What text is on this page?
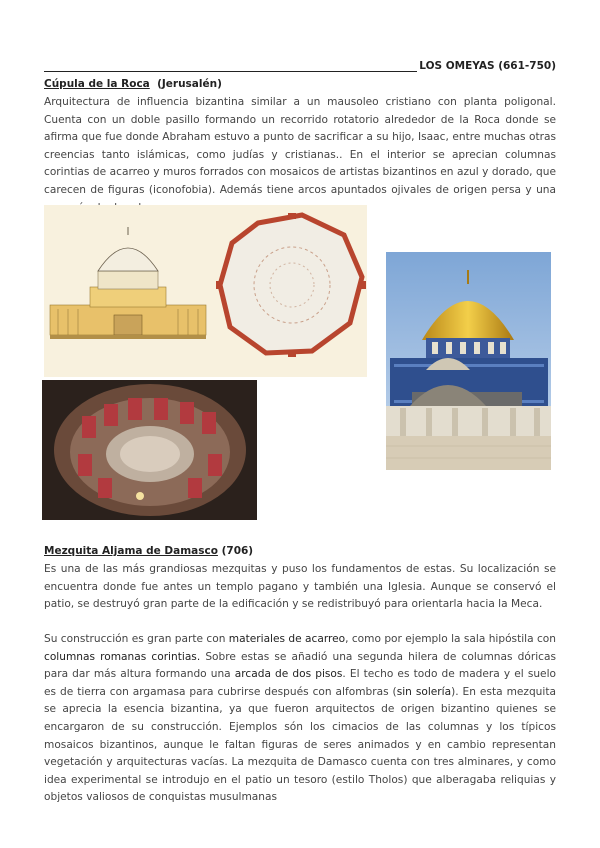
LOS OMEYAS (661-750)
Cúpula de la Roca (Jerusalén)
Arquitectura de influencia bizantina similar a un mausoleo cristiano con planta poligonal. Cuenta con un doble pasillo formando un recorrido rotatorio alrededor de la Roca donde se afirma que fue donde Abraham estuvo a punto de sacrificar a su hijo, Isaac, entre muchas otras creencias tanto islámicas, como judías y cristianas.. En el interior se aprecian columnas corintias de acarreo y muros forrados con mosaicos de artistas bizantinos en azul y dorado, que carecen de figuras (iconofobia). Además tiene arcos apuntados ojivales de origen persa y una
Mezquita Aljama de Damasco (706)
Es una de las más grandiosas mezquitas y puso los fundamentos de estas. Su localización se encuentra donde fue antes un templo pagano y también una Iglesia. Aunque se conservó el patio, se destruyó gran parte de la edificación y se redistribuyó para orientarla hacia la Meca.
Su construcción es gran parte con materiales de acarreo, como por ejemplo la sala hipóstila con columnas romanas corintias. Sobre estas se añadió una segunda hilera de columnas dóricas para dar más altura formando una arcada de dos pisos. El techo es todo de madera y el suelo es de tierra con argamasa para cubrirse después con alfombras (sin solería). En esta mezquita se aprecia la esencia bizantina, ya que fueron arquitectos de origen bizantino quienes se encargaron de su construcción. Ejemplos són los cimacios de las columnas y los típicos mosaicos bizantinos, aunque le faltan figuras de seres animados y en cambio representan vegetación y arquitecturas vacías. La mezquita de Damasco cuenta con tres alminares, y como idea experimental se introdujo en el patio un tesoro (estilo Tholos) que alberagaba reliquias y objetos valiosos de conquistas musulmanas
